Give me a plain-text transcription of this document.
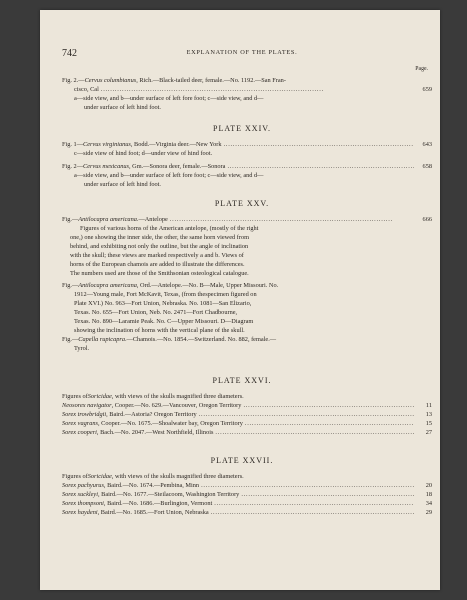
742	EXPLANATION OF THE PLATES.
Page.
Fig. 2.— Cervus columbianus , Rich.—Black-tailed deer, female.—No. 1192.—San Fran-
cisco, Cal . . .	659
a—side view, and b—under surface of left fore foot; c—side view, and d—
under surface of left hind foot.
PLATE XXIV.
Fig. 1— Cervus virginianus , Bodd.—Virginia deer.—New York . . .	643
c—side view of hind foot; d—under view of hind foot.
Fig. 2— Cervus mexicanus , Gm.—Sonora deer, female.—Sonora . . .	658
a—side view, and b—under surface of left fore foot; c—side view, and d—
under surface of left hind foot.
PLATE XXV.
Fig.— Antilocapra americana .—Antelope . . .	666
Figures of various horns of the American antelope, (mostly of the right
one,) one showing the inner side, the other, the same horn viewed from
behind, and exhibiting not only the outline, but the angle of inclination
with the skull; these views are marked respectively a and b. Views of
horns of the European chamois are added to illustrate the differences.
The numbers used are those of the Smithsonian osteological catalogue.
Fig.— Antilocapra americana , Ord.—Antelope.—No. B—Male, Upper Missouri. No.
1912—Young male, Fort McKavit, Texas, (from thespecimen figured on
Plate XVI.) No. 963—Fort Union, Nebraska. No. 1081—San Elizario,
Texas. No. 655—Fort Union, Neb. No. 2471—Fort Chadbourne,
Texas. No. 890—Laramie Peak. No. C—Upper Missouri. D—Diagram
showing the inclination of horns with the vertical plane of the skull.
Fig.— Capella rupicapra .—Chamois.—No. 1854.—Switzerland. No. 882, female.—
Tyrol.
PLATE XXVI.
Figures of Soricidae , with views of the skulls magnified three diameters.
Neosorex navigator , Cooper.—No. 629.—Vancouver, Oregon Territory . . .	11
Sorex trowbridgii , Baird.—Astoria? Oregon Territory . . .	13
Sorex vagrans , Cooper.—No. 1675.—Shoalwater bay, Oregon Territory . . .	15
Sorex cooperi , Bach.—No. 2047.—West Northfield, Illinois . . .	27
PLATE XXVII.
Figures of Soricidae , with views of the skulls magnified three diameters.
Sorex pachyurus , Baird.—No. 1674.—Pembina, Minn . . .	20
Sorex suckleyi , Baird.—No. 1677.—Steilacoom, Washington Territory . . .	18
Sorex thompsoni , Baird.—No. 1686.—Burlington, Vermont . . .	34
Sorex haydeni , Baird.—No. 1685.—Fort Union, Nebraska . . .	29
